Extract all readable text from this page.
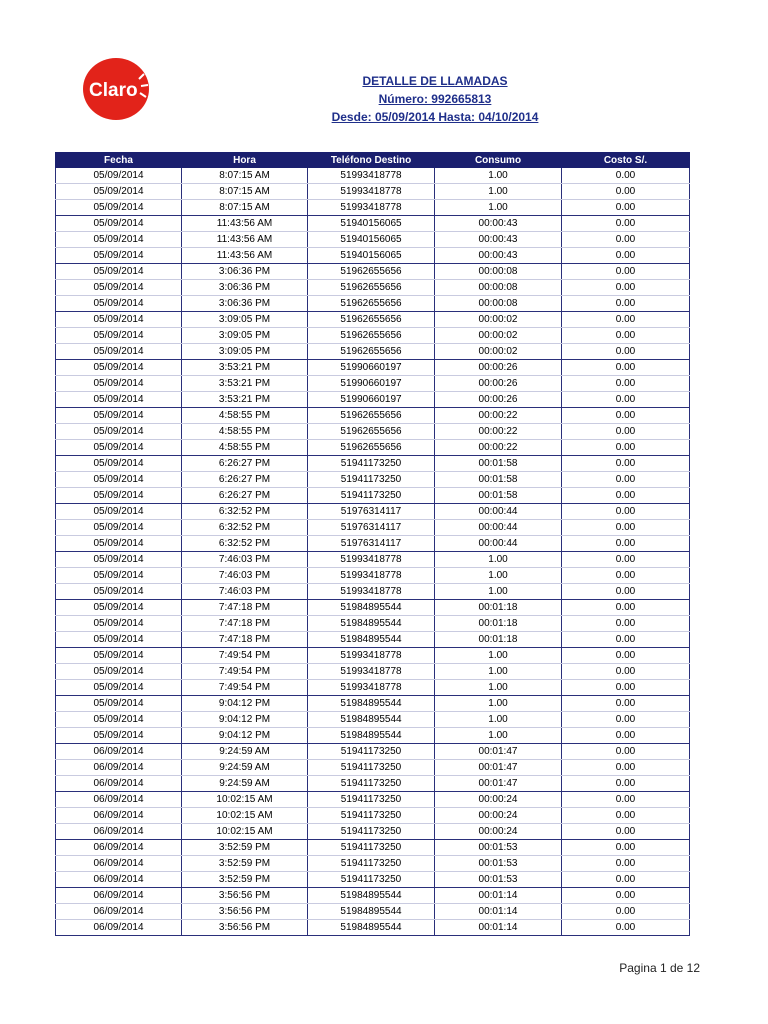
Claro	DETALLE DE LLAMADAS
Número: 992665813
Desde: 05/09/2014 Hasta: 04/10/2014
Fecha	Hora	Teléfono Destino	Consumo	Costo S/.
05/09/2014	8:07:15 AM	51993418778	1.00	0.00
05/09/2014	8:07:15 AM	51993418778	1.00	0.00
05/09/2014	8:07:15 AM	51993418778	1.00	0.00
05/09/2014	11:43:56 AM	51940156065	00:00:43	0.00
05/09/2014	11:43:56 AM	51940156065	00:00:43	0.00
05/09/2014	11:43:56 AM	51940156065	00:00:43	0.00
05/09/2014	3:06:36 PM	51962655656	00:00:08	0.00
05/09/2014	3:06:36 PM	51962655656	00:00:08	0.00
05/09/2014	3:06:36 PM	51962655656	00:00:08	0.00
05/09/2014	3:09:05 PM	51962655656	00:00:02	0.00
05/09/2014	3:09:05 PM	51962655656	00:00:02	0.00
05/09/2014	3:09:05 PM	51962655656	00:00:02	0.00
05/09/2014	3:53:21 PM	51990660197	00:00:26	0.00
05/09/2014	3:53:21 PM	51990660197	00:00:26	0.00
05/09/2014	3:53:21 PM	51990660197	00:00:26	0.00
05/09/2014	4:58:55 PM	51962655656	00:00:22	0.00
05/09/2014	4:58:55 PM	51962655656	00:00:22	0.00
05/09/2014	4:58:55 PM	51962655656	00:00:22	0.00
05/09/2014	6:26:27 PM	51941173250	00:01:58	0.00
05/09/2014	6:26:27 PM	51941173250	00:01:58	0.00
05/09/2014	6:26:27 PM	51941173250	00:01:58	0.00
05/09/2014	6:32:52 PM	51976314117	00:00:44	0.00
05/09/2014	6:32:52 PM	51976314117	00:00:44	0.00
05/09/2014	6:32:52 PM	51976314117	00:00:44	0.00
05/09/2014	7:46:03 PM	51993418778	1.00	0.00
05/09/2014	7:46:03 PM	51993418778	1.00	0.00
05/09/2014	7:46:03 PM	51993418778	1.00	0.00
05/09/2014	7:47:18 PM	51984895544	00:01:18	0.00
05/09/2014	7:47:18 PM	51984895544	00:01:18	0.00
05/09/2014	7:47:18 PM	51984895544	00:01:18	0.00
05/09/2014	7:49:54 PM	51993418778	1.00	0.00
05/09/2014	7:49:54 PM	51993418778	1.00	0.00
05/09/2014	7:49:54 PM	51993418778	1.00	0.00
05/09/2014	9:04:12 PM	51984895544	1.00	0.00
05/09/2014	9:04:12 PM	51984895544	1.00	0.00
05/09/2014	9:04:12 PM	51984895544	1.00	0.00
06/09/2014	9:24:59 AM	51941173250	00:01:47	0.00
06/09/2014	9:24:59 AM	51941173250	00:01:47	0.00
06/09/2014	9:24:59 AM	51941173250	00:01:47	0.00
06/09/2014	10:02:15 AM	51941173250	00:00:24	0.00
06/09/2014	10:02:15 AM	51941173250	00:00:24	0.00
06/09/2014	10:02:15 AM	51941173250	00:00:24	0.00
06/09/2014	3:52:59 PM	51941173250	00:01:53	0.00
06/09/2014	3:52:59 PM	51941173250	00:01:53	0.00
06/09/2014	3:52:59 PM	51941173250	00:01:53	0.00
06/09/2014	3:56:56 PM	51984895544	00:01:14	0.00
06/09/2014	3:56:56 PM	51984895544	00:01:14	0.00
06/09/2014	3:56:56 PM	51984895544	00:01:14	0.00
Pagina 1 de 12
